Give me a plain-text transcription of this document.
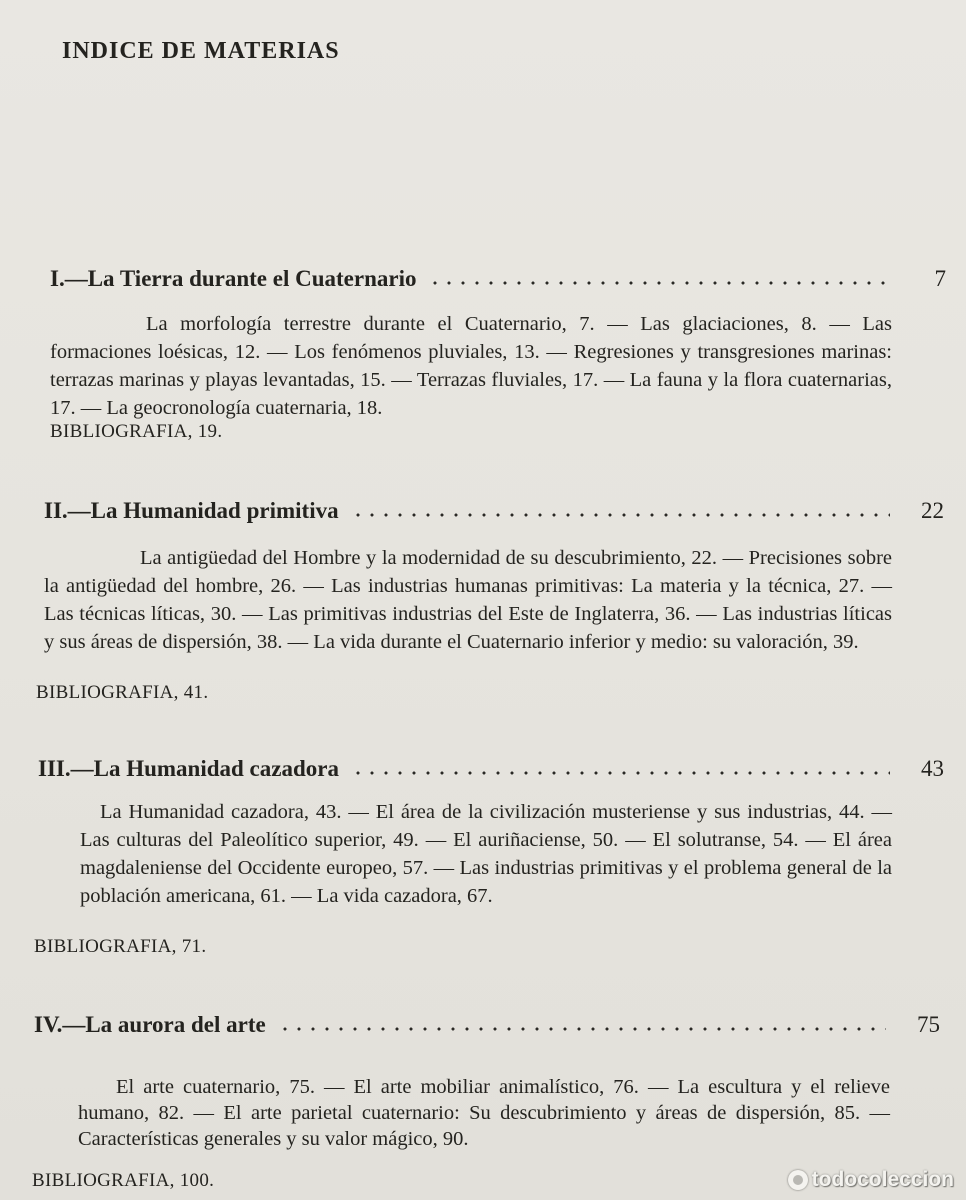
INDICE DE MATERIAS
I.—La Tierra durante el Cuaternario	7
La morfología terrestre durante el Cuaternario, 7. — Las glaciaciones, 8. — Las formaciones loésicas, 12. — Los fenómenos pluviales, 13. — Regresiones y transgresiones marinas: terrazas marinas y playas levantadas, 15. — Terrazas fluviales, 17. — La fauna y la flora cuaternarias, 17. — La geocronología cuaternaria, 18.
BIBLIOGRAFIA, 19.
II.—La Humanidad primitiva	22
La antigüedad del Hombre y la modernidad de su descubrimiento, 22. — Precisiones sobre la antigüedad del hombre, 26. — Las industrias humanas primitivas: La materia y la técnica, 27. — Las técnicas líticas, 30. — Las primitivas industrias del Este de Inglaterra, 36. — Las industrias líticas y sus áreas de dispersión, 38. — La vida durante el Cuaternario inferior y medio: su valoración, 39.
BIBLIOGRAFIA, 41.
III.—La Humanidad cazadora	43
La Humanidad cazadora, 43. — El área de la civilización musteriense y sus industrias, 44. — Las culturas del Paleolítico superior, 49. — El auriñaciense, 50. — El solutranse, 54. — El área magdaleniense del Occidente europeo, 57. — Las industrias primitivas y el problema general de la población americana, 61. — La vida cazadora, 67.
BIBLIOGRAFIA, 71.
IV.—La aurora del arte	75
El arte cuaternario, 75. — El arte mobiliar animalístico, 76. — La escultura y el relieve humano, 82. — El arte parietal cuaternario: Su descubrimiento y áreas de dispersión, 85. — Características generales y su valor mágico, 90.
BIBLIOGRAFIA, 100.	todocoleccion
